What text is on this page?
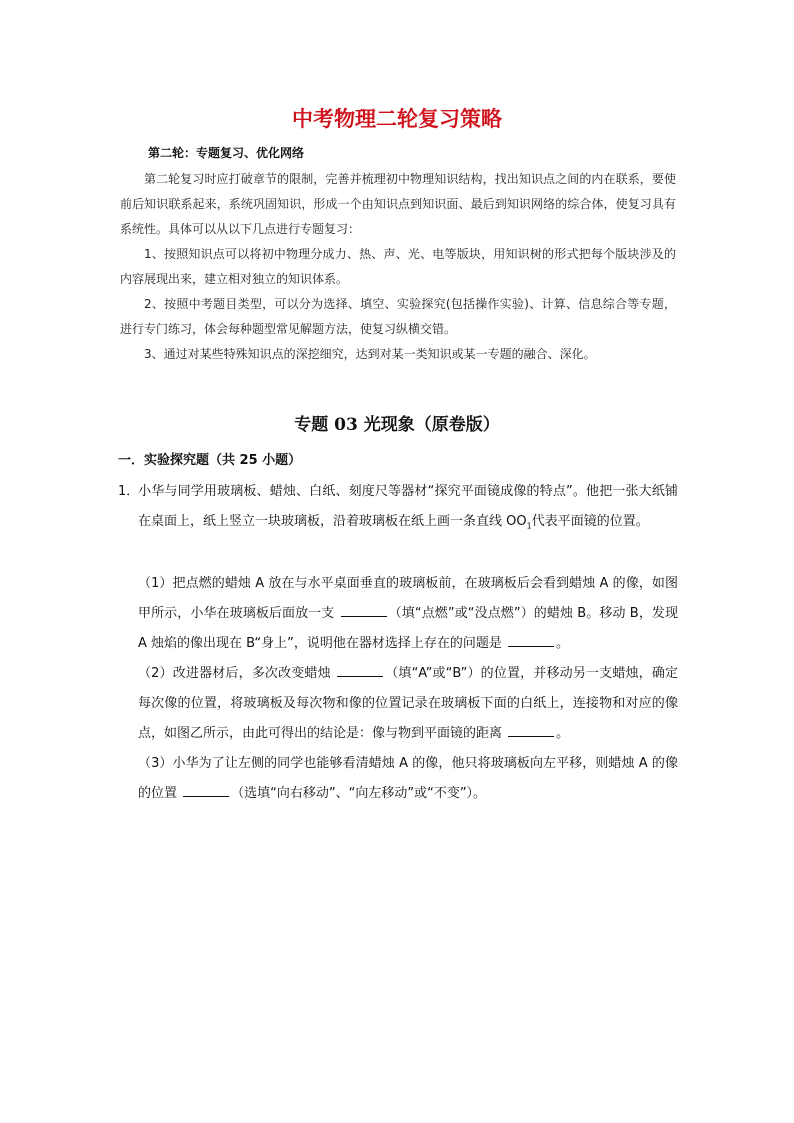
中考物理二轮复习策略
第二轮：专题复习、优化网络

第二轮复习时应打破章节的限制，完善并梳理初中物理知识结构，找出知识点之间的内在联系，要使前后知识联系起来，系统巩固知识，形成一个由知识点到知识面、最后到知识网络的综合体，使复习具有系统性。具体可以从以下几点进行专题复习：

1、按照知识点可以将初中物理分成力、热、声、光、电等版块，用知识树的形式把每个版块涉及的内容展现出来，建立相对独立的知识体系。

2、按照中考题目类型，可以分为选择、填空、实验探究(包括操作实验)、计算、信息综合等专题，进行专门练习，体会每种题型常见解题方法，使复习纵横交错。

3、通过对某些特殊知识点的深挖细究，达到对某一类知识或某一专题的融合、深化。

专题 03 光现象（原卷版）
一．实验探究题（共 25 小题）

1．小华与同学用玻璃板、蜡烛、白纸、刻度尺等器材“探究平面镜成像的特点”。他把一张大纸铺在桌面上，纸上竖立一块玻璃板，沿着玻璃板在纸上画一条直线 $OO_1$代表平面镜的位置。

（1）把点燃的蜡烛 A 放在与水平桌面垂直的玻璃板前，在玻璃板后会看到蜡烛 A 的像，如图甲所示，小华在玻璃板后面放一支	（填“点燃”或“没点燃”）的蜡烛 B。移动 B，发现 A 烛焰的像出现在 B“身上”，说明他在器材选择上存在的问题是	。

（2）改进器材后，多次改变蜡烛	（填“A”或“B”）的位置，并移动另一支蜡烛，确定每次像的位置，将玻璃板及每次物和像的位置记录在玻璃板下面的白纸上，连接物和对应的像点，如图乙所示，由此可得出的结论是：像与物到平面镜的距离	。

（3）小华为了让左侧的同学也能够看清蜡烛 A 的像，他只将玻璃板向左平移，则蜡烛 A 的像的位置	（选填“向右移动”、“向左移动”或“不变”）。
